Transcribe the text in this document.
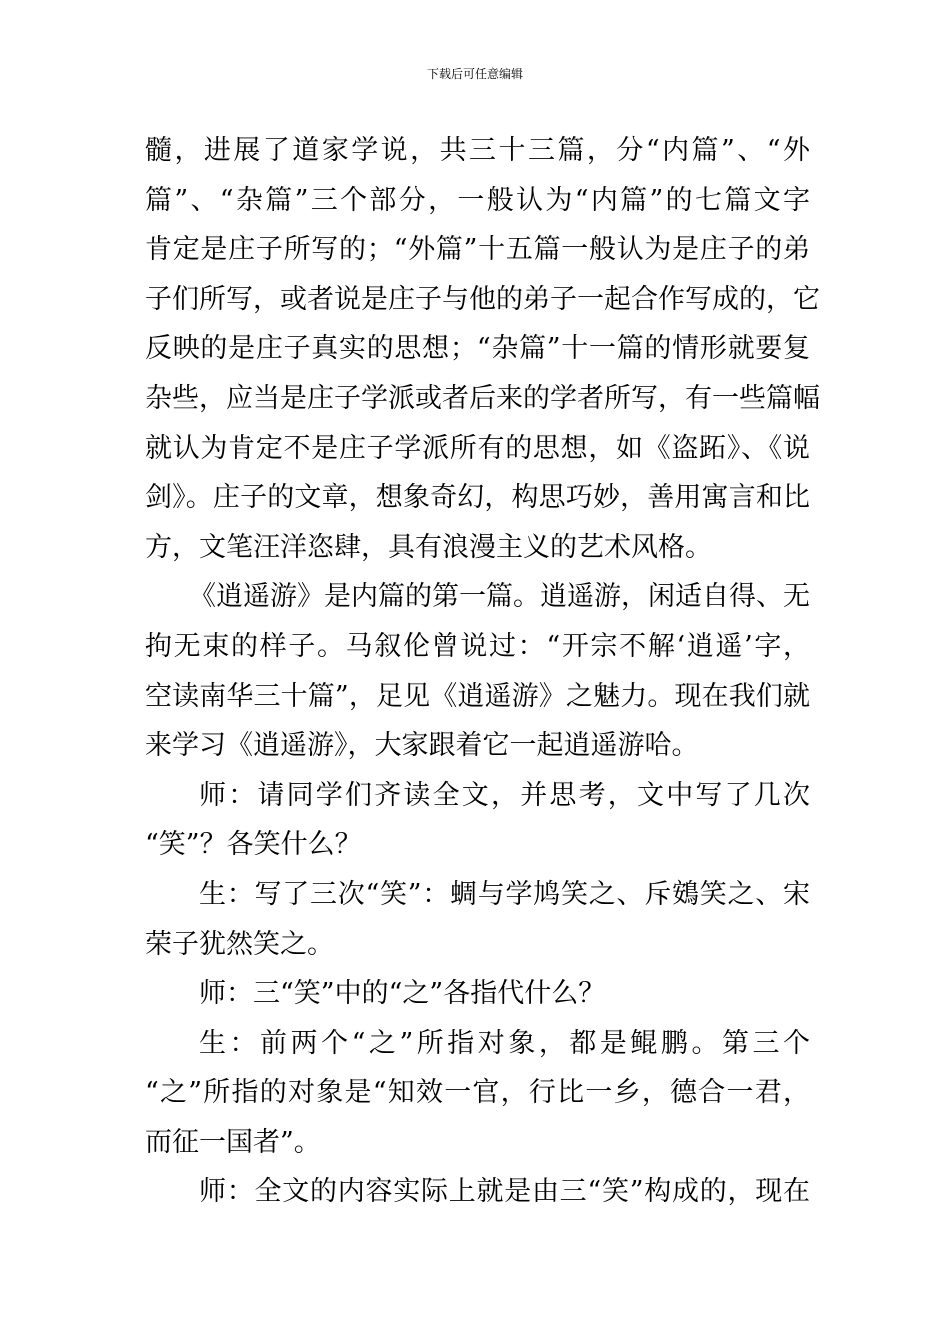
下载后可任意编辑
髓，进展了道家学说，共三十三篇，分“内篇”、“外
篇”、“杂篇”三个部分，一般认为“内篇”的七篇文字
肯定是庄子所写的；“外篇”十五篇一般认为是庄子的弟
子们所写，或者说是庄子与他的弟子一起合作写成的，它
反映的是庄子真实的思想；“杂篇”十一篇的情形就要复
杂些，应当是庄子学派或者后来的学者所写，有一些篇幅
就认为肯定不是庄子学派所有的思想，如《盗跖》、《说
剑》。庄子的文章，想象奇幻，构思巧妙，善用寓言和比
方，文笔汪洋恣肆，具有浪漫主义的艺术风格。
《逍遥游》是内篇的第一篇。逍遥游，闲适自得、无
拘无束的样子。马叙伦曾说过：“开宗不解‘逍遥’字，
空读南华三十篇”，足见《逍遥游》之魅力。现在我们就
来学习《逍遥游》，大家跟着它一起逍遥游哈。
师：请同学们齐读全文，并思考，文中写了几次
“笑”？各笑什么？
生：写了三次“笑”：蜩与学鸠笑之、斥鴳笑之、宋
荣子犹然笑之。
师：三“笑”中的“之”各指代什么？
生：前两个“之”所指对象，都是鲲鹏。第三个
“之”所指的对象是“知效一官，行比一乡，德合一君，
而征一国者”。
师：全文的内容实际上就是由三“笑”构成的，现在
